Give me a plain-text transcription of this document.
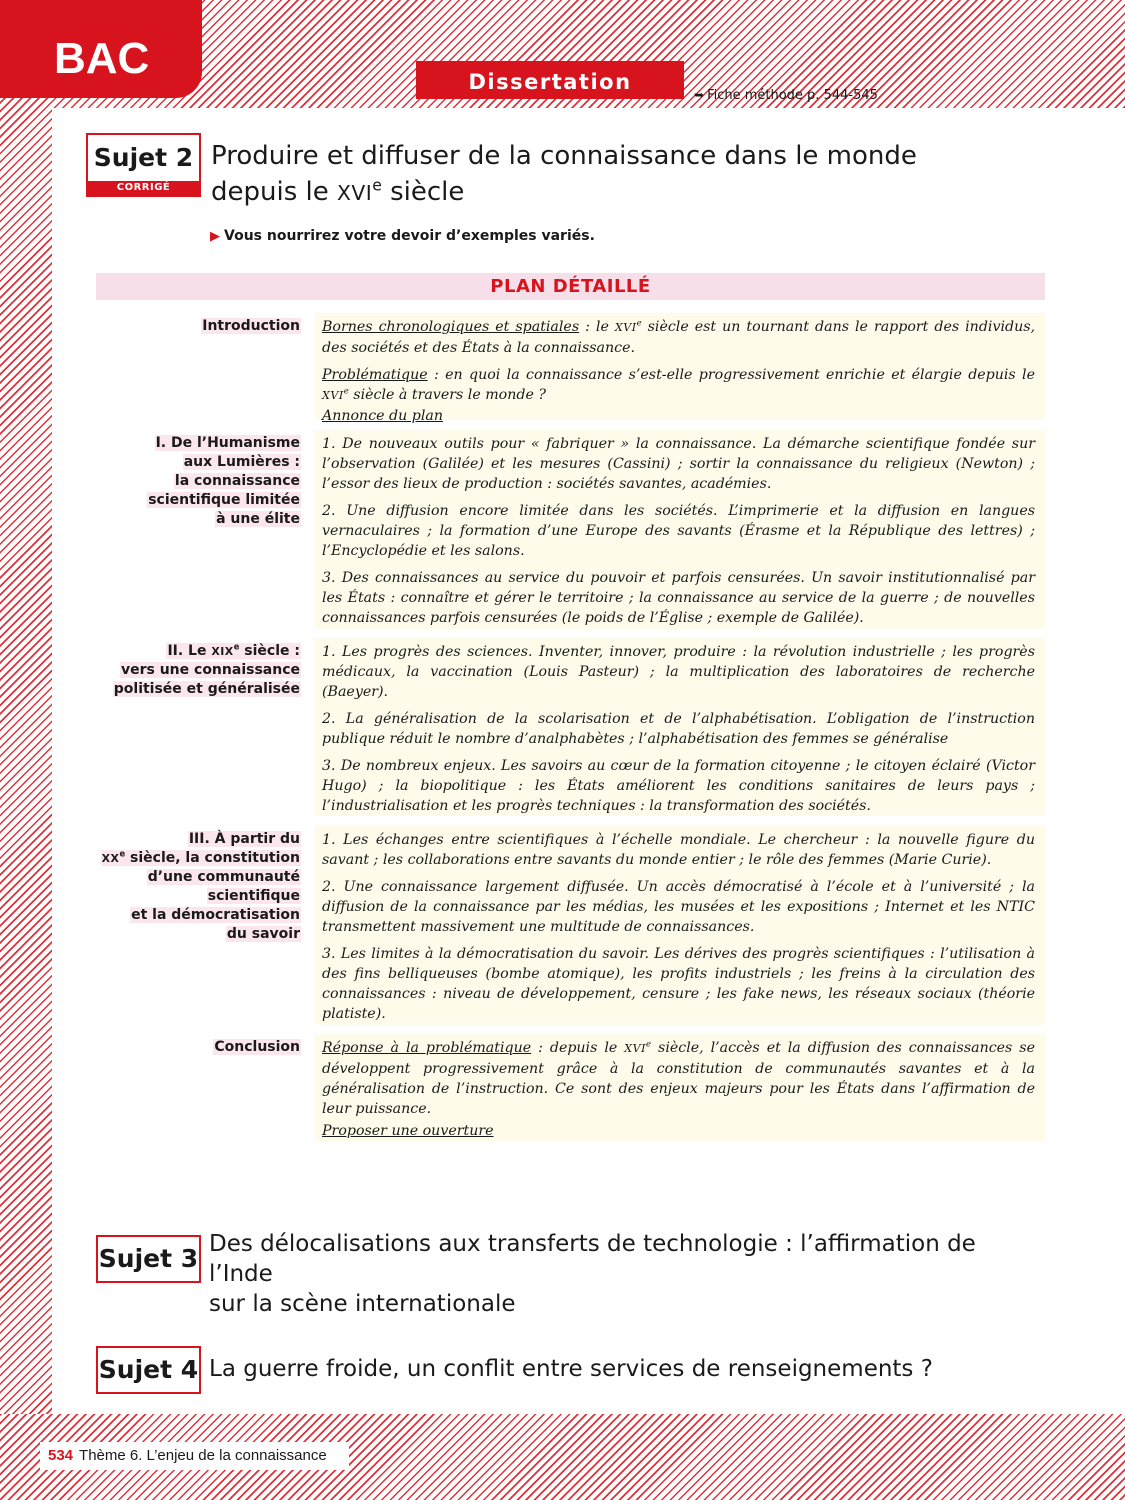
BAC	Dissertation
➥ Fiche méthode p. 544-545
Sujet 2
CORRIGÉ
Produire et diffuser de la connaissance dans le monde
depuis le XVIe siècle
▶ Vous nourrirez votre devoir d’exemples variés.
PLAN DÉTAILLÉ
Introduction Bornes chronologiques et spatiales : le XVIe siècle est un tournant dans le rapport des individus, des sociétés et des États à la connaissance.

Problématique : en quoi la connaissance s’est-elle progressivement enrichie et élargie depuis le XVIe siècle à travers le monde ?

Annonce du plan

I. De l’Humanisme
aux Lumières :
la connaissance
scientifique limitée
à une élite

1. De nouveaux outils pour « fabriquer » la connaissance. La démarche scientifique fondée sur l’observation (Galilée) et les mesures (Cassini) ; sortir la connaissance du religieux (Newton) ; l’essor des lieux de production : sociétés savantes, académies.

2. Une diffusion encore limitée dans les sociétés. L’imprimerie et la diffusion en langues vernaculaires ; la formation d’une Europe des savants (Érasme et la République des lettres) ; l’Encyclopédie et les salons.

3. Des connaissances au service du pouvoir et parfois censurées. Un savoir institutionnalisé par les États : connaître et gérer le territoire ; la connaissance au service de la guerre ; de nouvelles connaissances parfois censurées (le poids de l’Église ; exemple de Galilée).

II. Le XIXe siècle :
vers une connaissance
politisée et généralisée

1. Les progrès des sciences. Inventer, innover, produire : la révolution industrielle ; les progrès médicaux, la vaccination (Louis Pasteur) ; la multiplication des laboratoires de recherche (Baeyer).

2. La généralisation de la scolarisation et de l’alphabétisation. L’obligation de l’instruction publique réduit le nombre d’analphabètes ; l’alphabétisation des femmes se généralise

3. De nombreux enjeux. Les savoirs au cœur de la formation citoyenne ; le citoyen éclairé (Victor Hugo) ; la biopolitique : les États améliorent les conditions sanitaires de leurs pays ; l’industrialisation et les progrès techniques : la transformation des sociétés.

III. À partir du
XXe siècle, la constitution
d’une communauté
scientifique
et la démocratisation
du savoir

1. Les échanges entre scientifiques à l’échelle mondiale. Le chercheur : la nouvelle figure du savant ; les collaborations entre savants du monde entier ; le rôle des femmes (Marie Curie).

2. Une connaissance largement diffusée. Un accès démocratisé à l’école et à l’université ; la diffusion de la connaissance par les médias, les musées et les expositions ; Internet et les NTIC transmettent massivement une multitude de connaissances.

3. Les limites à la démocratisation du savoir. Les dérives des progrès scientifiques : l’utilisation à des fins belliqueuses (bombe atomique), les profits industriels ; les freins à la circulation des connaissances : niveau de développement, censure ; les fake news, les réseaux sociaux (théorie platiste).

Conclusion Réponse à la problématique : depuis le XVIe siècle, l’accès et la diffusion des connaissances se développent progressivement grâce à la constitution de communautés savantes et à la généralisation de l’instruction. Ce sont des enjeux majeurs pour les États dans l’affirmation de leur puissance.

Proposer une ouverture

Sujet 3 Des délocalisations aux transferts de technologie : l’affirmation de l’Inde
sur la scène internationale
Sujet 4 La guerre froide, un conflit entre services de renseignements ?
534 Thème 6. L’enjeu de la connaissance
